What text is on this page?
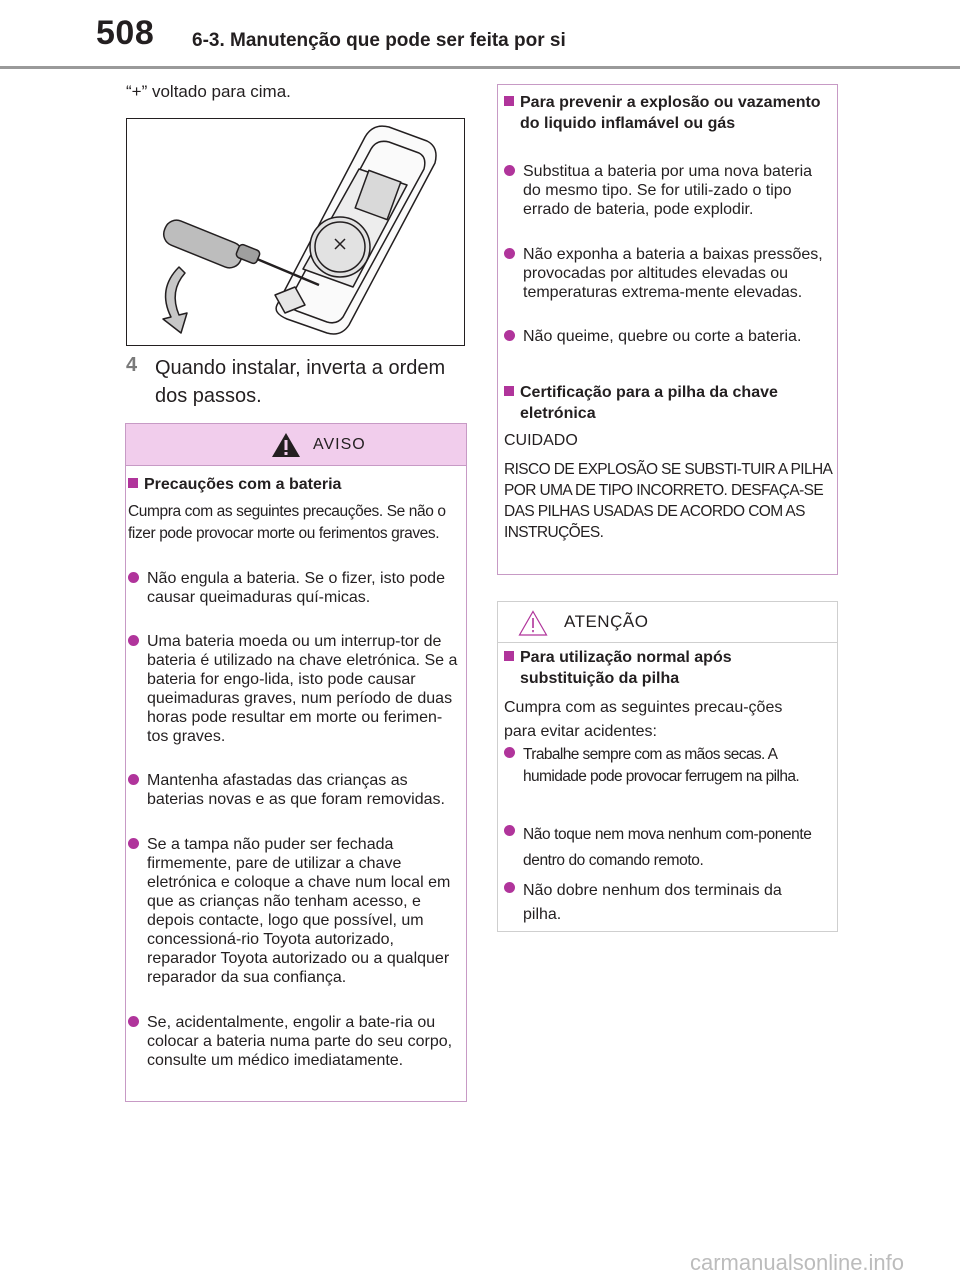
508 6-3. Manutenção que pode ser feita por si
“+” voltado para cima.
4 Quando instalar, inverta a ordem dos passos.
AVISO
Precauções com a bateria
Cumpra com as seguintes precauções. Se não o fizer pode provocar morte ou ferimentos graves.
Não engula a bateria. Se o fizer, isto pode causar queimaduras quí-micas.
Uma bateria moeda ou um interrup-tor de bateria é utilizado na chave eletrónica. Se a bateria for engo-lida, isto pode causar queimaduras graves, num período de duas horas pode resultar em morte ou ferimen-tos graves.
Mantenha afastadas das crianças as baterias novas e as que foram removidas.
Se a tampa não puder ser fechada firmemente, pare de utilizar a chave eletrónica e coloque a chave num local em que as crianças não tenham acesso, e depois contacte, logo que possível, um concessioná-rio Toyota autorizado, reparador Toyota autorizado ou a qualquer reparador da sua confiança.
Se, acidentalmente, engolir a bate-ria ou colocar a bateria numa parte do seu corpo, consulte um médico imediatamente.
Para prevenir a explosão ou vazamento do liquido inflamável ou gás
Substitua a bateria por uma nova bateria do mesmo tipo. Se for utili-zado o tipo errado de bateria, pode explodir.
Não exponha a bateria a baixas pressões, provocadas por altitudes elevadas ou temperaturas extrema-mente elevadas.
Não queime, quebre ou corte a bateria.
Certificação para a pilha da chave eletrónica
CUIDADO
RISCO DE EXPLOSÃO SE SUBSTI-TUIR A PILHA POR UMA DE TIPO INCORRETO. DESFAÇA-SE DAS PILHAS USADAS DE ACORDO COM AS INSTRUÇÕES.
ATENÇÃO
Para utilização normal após substituição da pilha
Cumpra com as seguintes precau-ções para evitar acidentes:
Trabalhe sempre com as mãos secas. A humidade pode provocar ferrugem na pilha.
Não toque nem mova nenhum com-ponente dentro do comando remoto.
Não dobre nenhum dos terminais da pilha.
carmanualsonline.info
